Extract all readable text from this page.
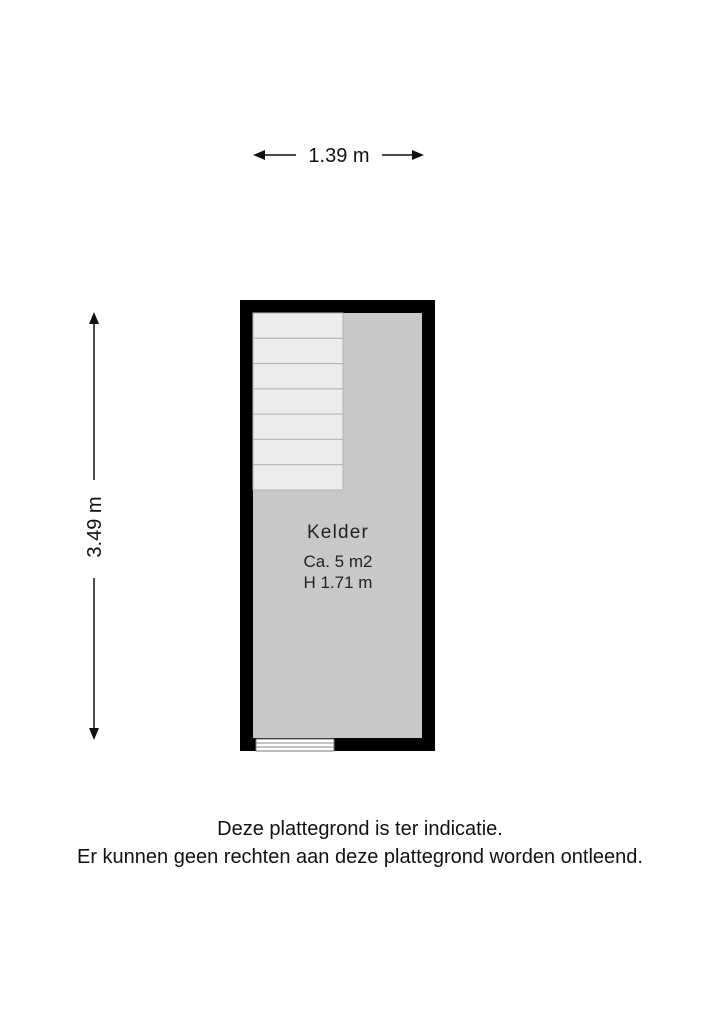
1.39 m
3.49 m	Kelder
Ca. 5 m2
H 1.71 m
Deze plattegrond is ter indicatie.
Er kunnen geen rechten aan deze plattegrond worden ontleend.
